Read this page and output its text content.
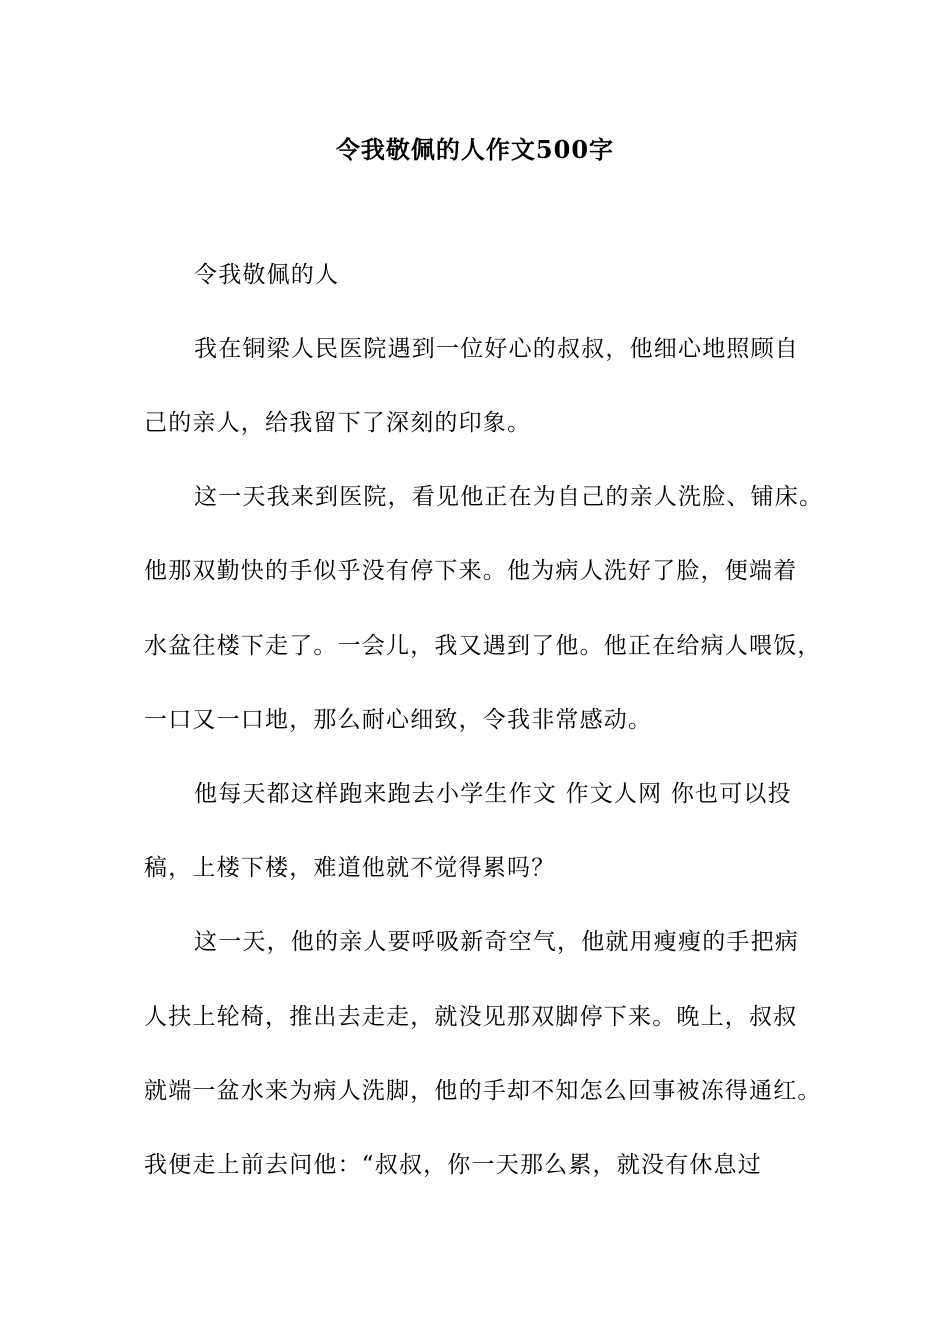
令我敬佩的人作文500字
令我敬佩的人
我在铜梁人民医院遇到一位好心的叔叔，他细心地照顾自
己的亲人，给我留下了深刻的印象。
这一天我来到医院，看见他正在为自己的亲人洗脸、铺床。
他那双勤快的手似乎没有停下来。他为病人洗好了脸，便端着
水盆往楼下走了。一会儿，我又遇到了他。他正在给病人喂饭，
一口又一口地，那么耐心细致，令我非常感动。
他每天都这样跑来跑去小学生作文 作文人网 你也可以投
稿，上楼下楼，难道他就不觉得累吗？
这一天，他的亲人要呼吸新奇空气，他就用瘦瘦的手把病
人扶上轮椅，推出去走走，就没见那双脚停下来。晚上，叔叔
就端一盆水来为病人洗脚，他的手却不知怎么回事被冻得通红。
我便走上前去问他：“叔叔，你一天那么累，就没有休息过
